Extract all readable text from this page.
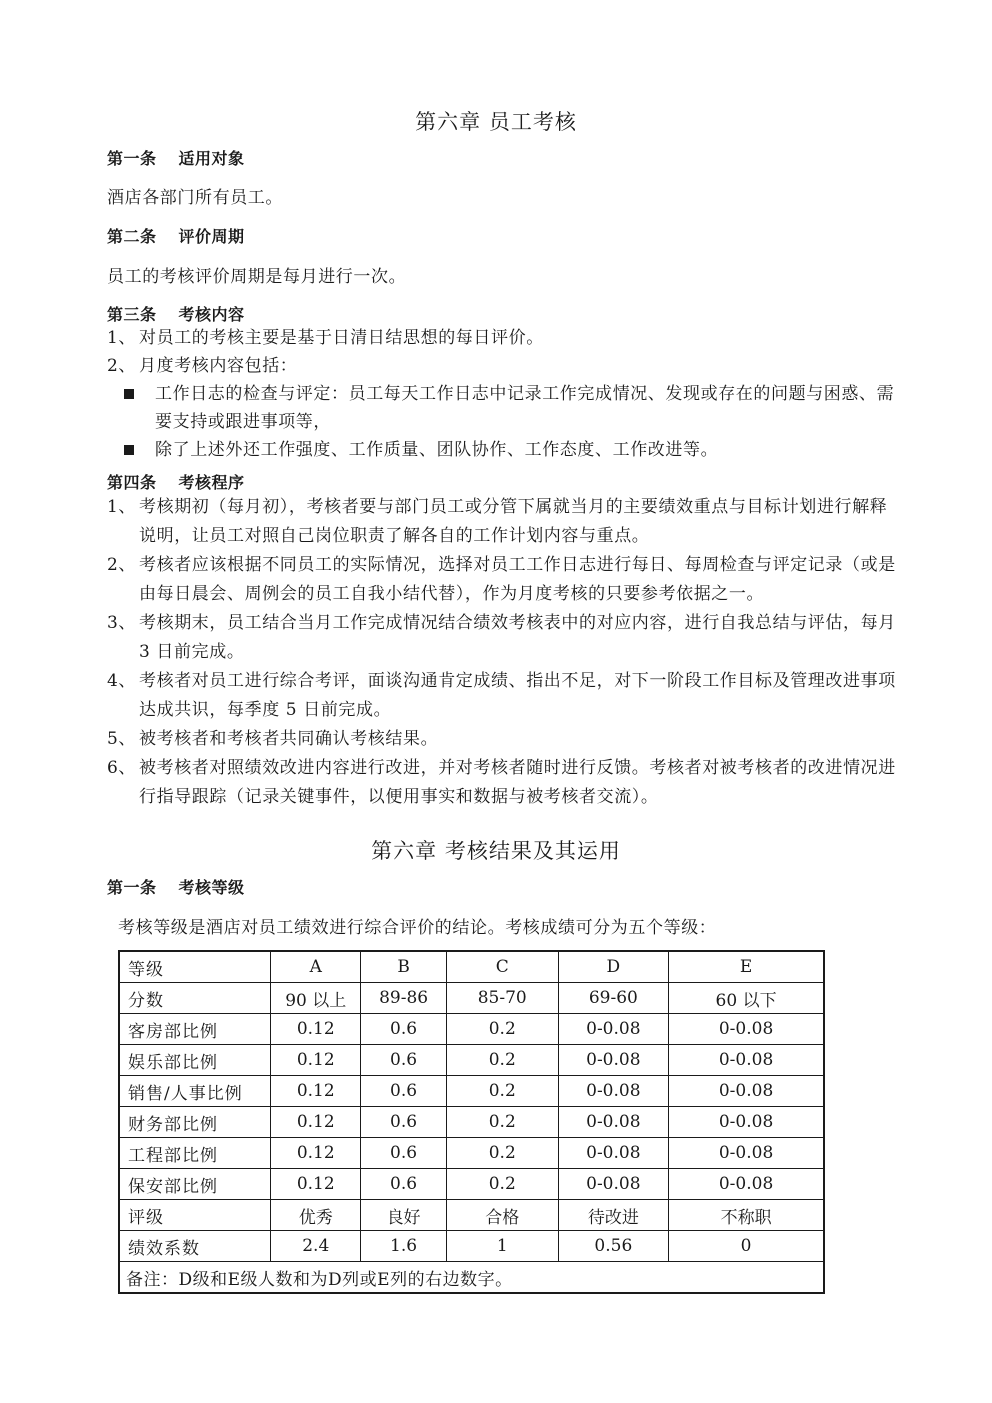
第六章 员工考核
第一条 适用对象

酒店各部门所有员工。

第二条 评价周期

员工的考核评价周期是每月进行一次。

第三条 考核内容
1、 对员工的考核主要是基于日清日结思想的每日评价。
2、 月度考核内容包括：
工作日志的检查与评定：员工每天工作日志中记录工作完成情况、发现或存在的问题与困惑、需要支持或跟进事项等，
除了上述外还工作强度、工作质量、团队协作、工作态度、工作改进等。
第四条 考核程序
1、 考核期初（每月初），考核者要与部门员工或分管下属就当月的主要绩效重点与目标计划进行解释说明，让员工对照自己岗位职责了解各自的工作计划内容与重点。
2、 考核者应该根据不同员工的实际情况，选择对员工工作日志进行每日、每周检查与评定记录（或是由每日晨会、周例会的员工自我小结代替），作为月度考核的只要参考依据之一。
3、 考核期末，员工结合当月工作完成情况结合绩效考核表中的对应内容，进行自我总结与评估，每月 3 日前完成。
4、 考核者对员工进行综合考评，面谈沟通肯定成绩、指出不足，对下一阶段工作目标及管理改进事项达成共识，每季度 5 日前完成。
5、 被考核者和考核者共同确认考核结果。
6、 被考核者对照绩效改进内容进行改进，并对考核者随时进行反馈。考核者对被考核者的改进情况进行指导跟踪（记录关键事件，以便用事实和数据与被考核者交流）。
第六章 考核结果及其运用
第一条 考核等级

考核等级是酒店对员工绩效进行综合评价的结论。考核成绩可分为五个等级：

等级	A	B	C	D	E
分数	90 以上	89-86	85-70	69-60	60 以下
客房部比例	0.12	0.6	0.2	0-0.08	0-0.08
娱乐部比例	0.12	0.6	0.2	0-0.08	0-0.08
销售/人事比例	0.12	0.6	0.2	0-0.08	0-0.08
财务部比例	0.12	0.6	0.2	0-0.08	0-0.08
工程部比例	0.12	0.6	0.2	0-0.08	0-0.08
保安部比例	0.12	0.6	0.2	0-0.08	0-0.08
评级	优秀	良好	合格	待改进	不称职
绩效系数	2.4	1.6	1	0.56	0
备注：D级和E级人数和为D列或E列的右边数字。					
